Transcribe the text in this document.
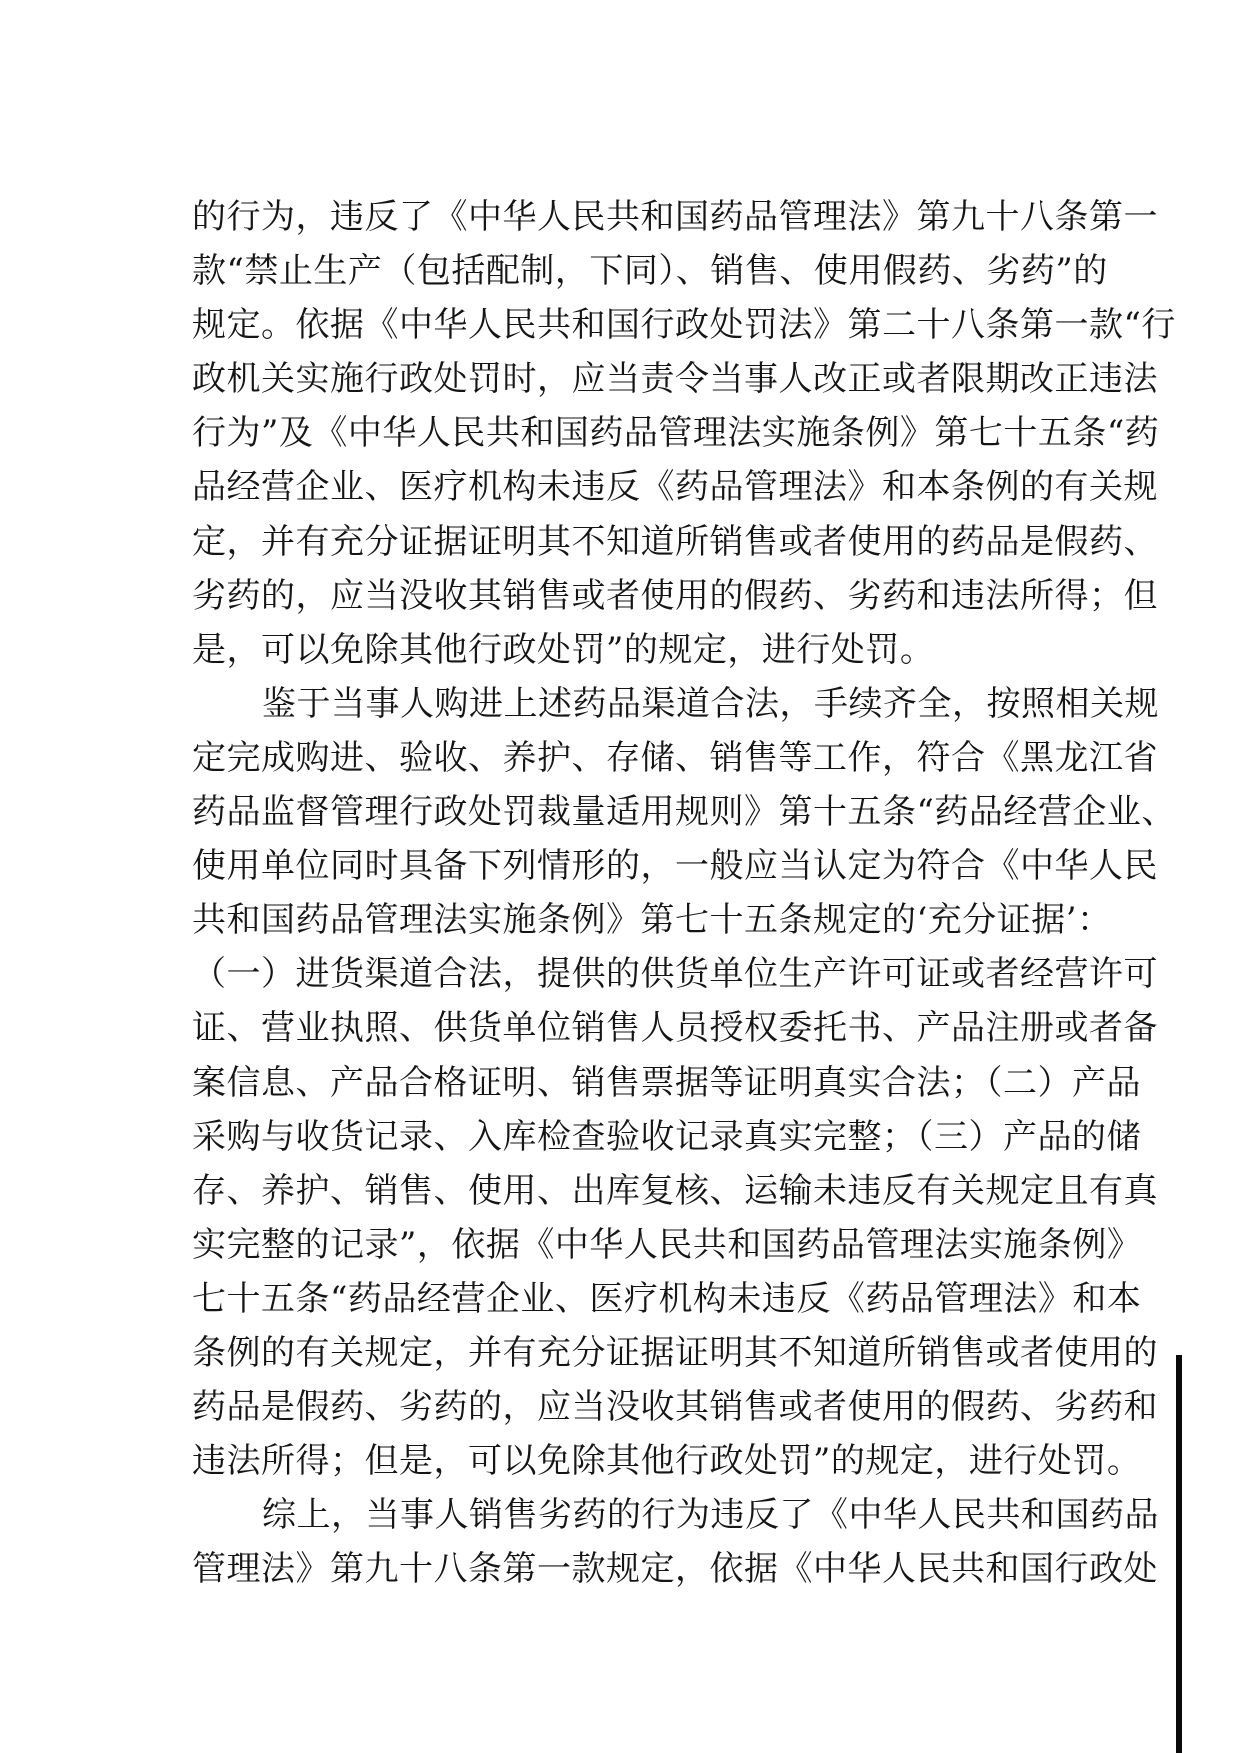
的行为，违反了《中华人民共和国药品管理法》第九十八条第一
款“禁止生产（包括配制，下同）、销售、使用假药、劣药”的
规定。依据《中华人民共和国行政处罚法》第二十八条第一款“行
政机关实施行政处罚时，应当责令当事人改正或者限期改正违法
行为”及《中华人民共和国药品管理法实施条例》第七十五条“药
品经营企业、医疗机构未违反《药品管理法》和本条例的有关规
定，并有充分证据证明其不知道所销售或者使用的药品是假药、
劣药的，应当没收其销售或者使用的假药、劣药和违法所得；但
是，可以免除其他行政处罚”的规定，进行处罚。
鉴于当事人购进上述药品渠道合法，手续齐全，按照相关规
定完成购进、验收、养护、存储、销售等工作，符合《黑龙江省
药品监督管理行政处罚裁量适用规则》第十五条“药品经营企业、
使用单位同时具备下列情形的，一般应当认定为符合《中华人民
共和国药品管理法实施条例》第七十五条规定的‘充分证据’：
（一）进货渠道合法，提供的供货单位生产许可证或者经营许可
证、营业执照、供货单位销售人员授权委托书、产品注册或者备
案信息、产品合格证明、销售票据等证明真实合法；（二）产品
采购与收货记录、入库检查验收记录真实完整；（三）产品的储
存、养护、销售、使用、出库复核、运输未违反有关规定且有真
实完整的记录”，依据《中华人民共和国药品管理法实施条例》
七十五条“药品经营企业、医疗机构未违反《药品管理法》和本
条例的有关规定，并有充分证据证明其不知道所销售或者使用的
药品是假药、劣药的，应当没收其销售或者使用的假药、劣药和
违法所得；但是，可以免除其他行政处罚”的规定，进行处罚。
综上，当事人销售劣药的行为违反了《中华人民共和国药品
管理法》第九十八条第一款规定，依据《中华人民共和国行政处
